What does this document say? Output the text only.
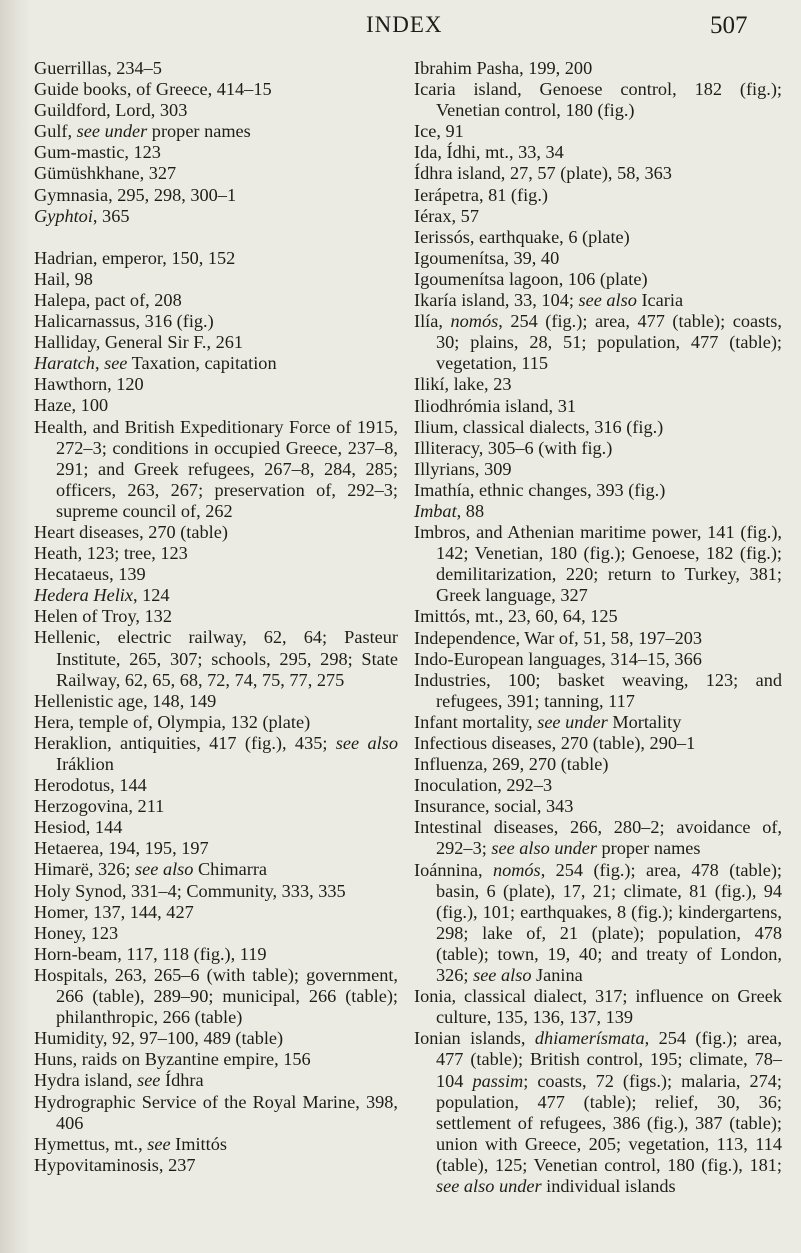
INDEX	507
Guerrillas, 234–5
Guide books, of Greece, 414–15
Guildford, Lord, 303
Gulf, see under proper names
Gum-mastic, 123
Gümüshkhane, 327
Gymnasia, 295, 298, 300–1
Gyphtoi, 365
Hadrian, emperor, 150, 152
Hail, 98
Halepa, pact of, 208
Halicarnassus, 316 (fig.)
Halliday, General Sir F., 261
Haratch, see Taxation, capitation
Hawthorn, 120
Haze, 100
Health, and British Expeditionary Force of 1915, 272–3; conditions in occupied Greece, 237–8, 291; and Greek refugees, 267–8, 284, 285; officers, 263, 267; preservation of, 292–3; supreme council of, 262
Heart diseases, 270 (table)
Heath, 123; tree, 123
Hecataeus, 139
Hedera Helix, 124
Helen of Troy, 132
Hellenic, electric railway, 62, 64; Pasteur Institute, 265, 307; schools, 295, 298; State Railway, 62, 65, 68, 72, 74, 75, 77, 275
Hellenistic age, 148, 149
Hera, temple of, Olympia, 132 (plate)
Heraklion, antiquities, 417 (fig.), 435; see also Iráklion
Herodotus, 144
Herzogovina, 211
Hesiod, 144
Hetaerea, 194, 195, 197
Himarë, 326; see also Chimarra
Holy Synod, 331–4; Community, 333, 335
Homer, 137, 144, 427
Honey, 123
Horn-beam, 117, 118 (fig.), 119
Hospitals, 263, 265–6 (with table); government, 266 (table), 289–90; municipal, 266 (table); philanthropic, 266 (table)
Humidity, 92, 97–100, 489 (table)
Huns, raids on Byzantine empire, 156
Hydra island, see Ídhra
Hydrographic Service of the Royal Marine, 398, 406
Hymettus, mt., see Imittós
Hypovitaminosis, 237
Ibrahim Pasha, 199, 200
Icaria island, Genoese control, 182 (fig.); Venetian control, 180 (fig.)
Ice, 91
Ida, Ídhi, mt., 33, 34
Ídhra island, 27, 57 (plate), 58, 363
Ierápetra, 81 (fig.)
Iérax, 57
Ierissós, earthquake, 6 (plate)
Igoumenítsa, 39, 40
Igoumenítsa lagoon, 106 (plate)
Ikaría island, 33, 104; see also Icaria
Ilía, nomós, 254 (fig.); area, 477 (table); coasts, 30; plains, 28, 51; population, 477 (table); vegetation, 115
Ilikí, lake, 23
Iliodhrómia island, 31
Ilium, classical dialects, 316 (fig.)
Illiteracy, 305–6 (with fig.)
Illyrians, 309
Imathía, ethnic changes, 393 (fig.)
Imbat, 88
Imbros, and Athenian maritime power, 141 (fig.), 142; Venetian, 180 (fig.); Genoese, 182 (fig.); demilitarization, 220; return to Turkey, 381; Greek language, 327
Imittós, mt., 23, 60, 64, 125
Independence, War of, 51, 58, 197–203
Indo-European languages, 314–15, 366
Industries, 100; basket weaving, 123; and refugees, 391; tanning, 117
Infant mortality, see under Mortality
Infectious diseases, 270 (table), 290–1
Influenza, 269, 270 (table)
Inoculation, 292–3
Insurance, social, 343
Intestinal diseases, 266, 280–2; avoidance of, 292–3; see also under proper names
Ioánnina, nomós, 254 (fig.); area, 478 (table); basin, 6 (plate), 17, 21; climate, 81 (fig.), 94 (fig.), 101; earthquakes, 8 (fig.); kindergartens, 298; lake of, 21 (plate); population, 478 (table); town, 19, 40; and treaty of London, 326; see also Janina
Ionia, classical dialect, 317; influence on Greek culture, 135, 136, 137, 139
Ionian islands, dhiamerísmata, 254 (fig.); area, 477 (table); British control, 195; climate, 78–104 passim; coasts, 72 (figs.); malaria, 274; population, 477 (table); relief, 30, 36; settlement of refugees, 386 (fig.), 387 (table); union with Greece, 205; vegetation, 113, 114 (table), 125; Venetian control, 180 (fig.), 181; see also under individual islands
